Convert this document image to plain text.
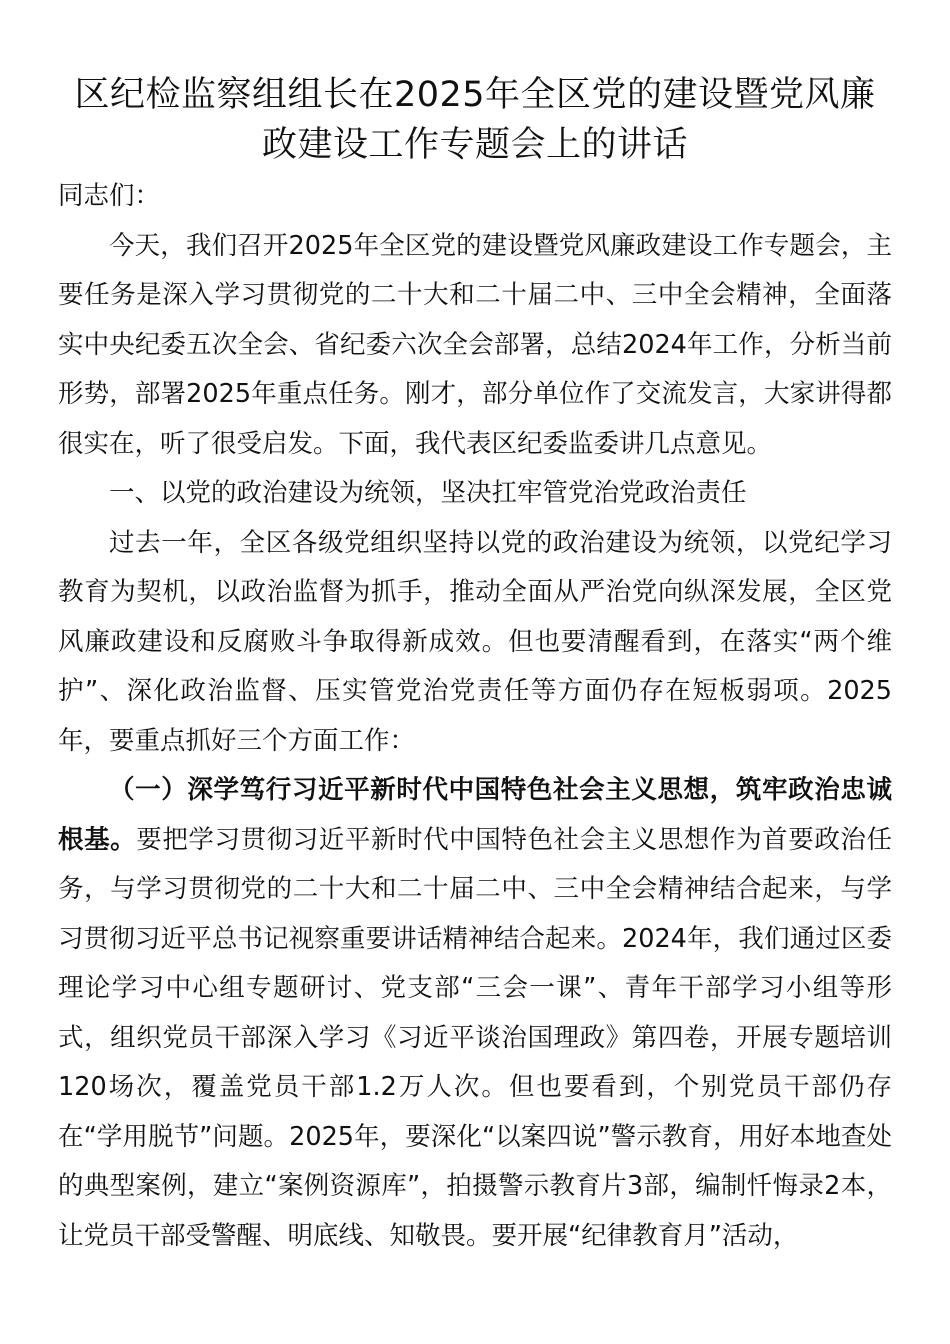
区纪检监察组组长在2025年全区党的建设暨党风廉政建设工作专题会上的讲话

同志们：

今天，我们召开2025年全区党的建设暨党风廉政建设工作专题会，主要任务是深入学习贯彻党的二十大和二十届二中、三中全会精神，全面落实中央纪委五次全会、省纪委六次全会部署，总结2024年工作，分析当前形势，部署2025年重点任务。刚才，部分单位作了交流发言，大家讲得都很实在，听了很受启发。下面，我代表区纪委监委讲几点意见。

一、以党的政治建设为统领，坚决扛牢管党治党政治责任

过去一年，全区各级党组织坚持以党的政治建设为统领，以党纪学习教育为契机，以政治监督为抓手，推动全面从严治党向纵深发展，全区党风廉政建设和反腐败斗争取得新成效。但也要清醒看到，在落实“两个维护”、深化政治监督、压实管党治党责任等方面仍存在短板弱项。2025年，要重点抓好三个方面工作：

（一）深学笃行习近平新时代中国特色社会主义思想，筑牢政治忠诚根基。要把学习贯彻习近平新时代中国特色社会主义思想作为首要政治任务，与学习贯彻党的二十大和二十届二中、三中全会精神结合起来，与学习贯彻习近平总书记视察重要讲话精神结合起来。2024年，我们通过区委理论学习中心组专题研讨、党支部“三会一课”、青年干部学习小组等形式，组织党员干部深入学习《习近平谈治国理政》第四卷，开展专题培训120场次，覆盖党员干部1.2万人次。但也要看到，个别党员干部仍存在“学用脱节”问题。2025年，要深化“以案四说”警示教育，用好本地查处的典型案例，建立“案例资源库”，拍摄警示教育片3部，编制忏悔录2本，让党员干部受警醒、明底线、知敬畏。要开展“纪律教育月”活动，
